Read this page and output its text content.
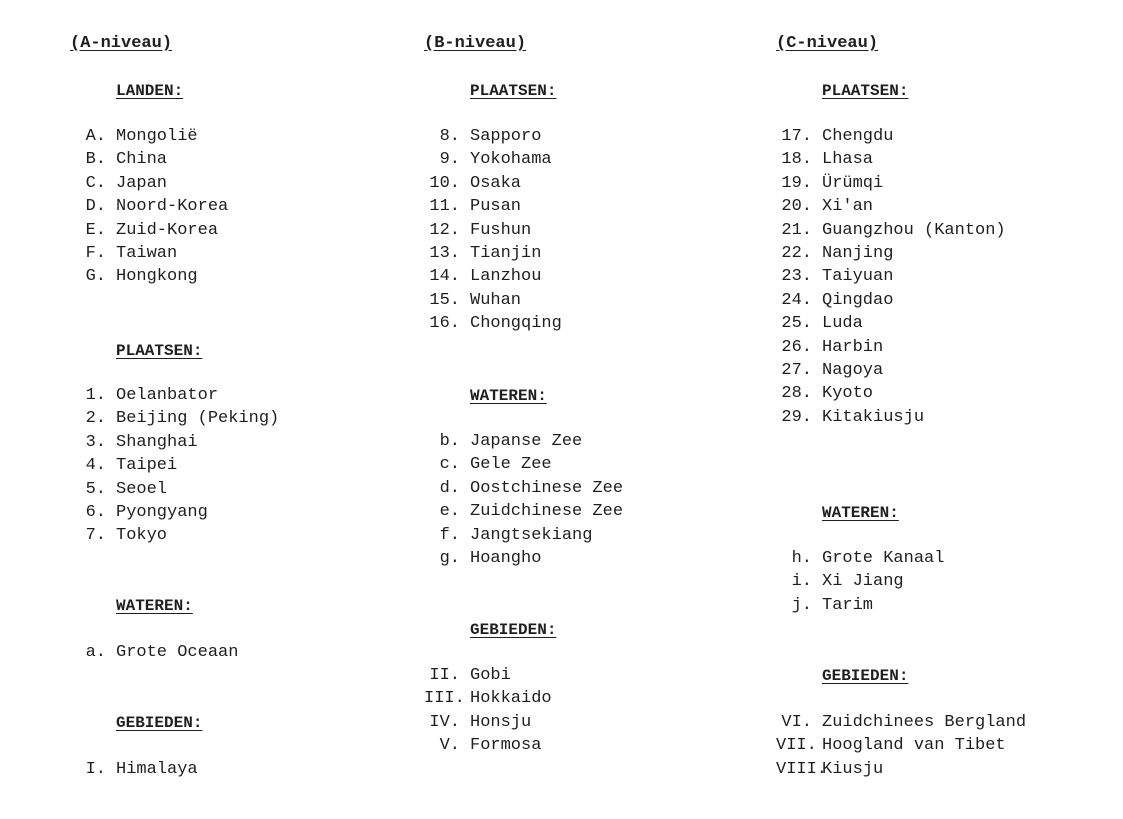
(A-niveau)
LANDEN:
A. Mongolië
B. China
C. Japan
D. Noord-Korea
E. Zuid-Korea
F. Taiwan
G. Hongkong
PLAATSEN:
1. Oelanbator
2. Beijing (Peking)
3. Shanghai
4. Taipei
5. Seoel
6. Pyongyang
7. Tokyo
WATEREN:
a. Grote Oceaan
GEBIEDEN:
I. Himalaya
(B-niveau)
PLAATSEN:
8. Sapporo
9. Yokohama
10. Osaka
11. Pusan
12. Fushun
13. Tianjin
14. Lanzhou
15. Wuhan
16. Chongqing
WATEREN:
b. Japanse Zee
c. Gele Zee
d. Oostchinese Zee
e. Zuidchinese Zee
f. Jangtsekiang
g. Hoangho
GEBIEDEN:
II. Gobi
III. Hokkaido
IV. Honsju
V. Formosa
(C-niveau)
PLAATSEN:
17. Chengdu
18. Lhasa
19. Ürümqi
20. Xi'an
21. Guangzhou (Kanton)
22. Nanjing
23. Taiyuan
24. Qingdao
25. Luda
26. Harbin
27. Nagoya
28. Kyoto
29. Kitakiusju
WATEREN:
h. Grote Kanaal
i. Xi Jiang
j. Tarim
GEBIEDEN:
VI. Zuidchinees Bergland
VII. Hoogland van Tibet
VIII.Kiusju
